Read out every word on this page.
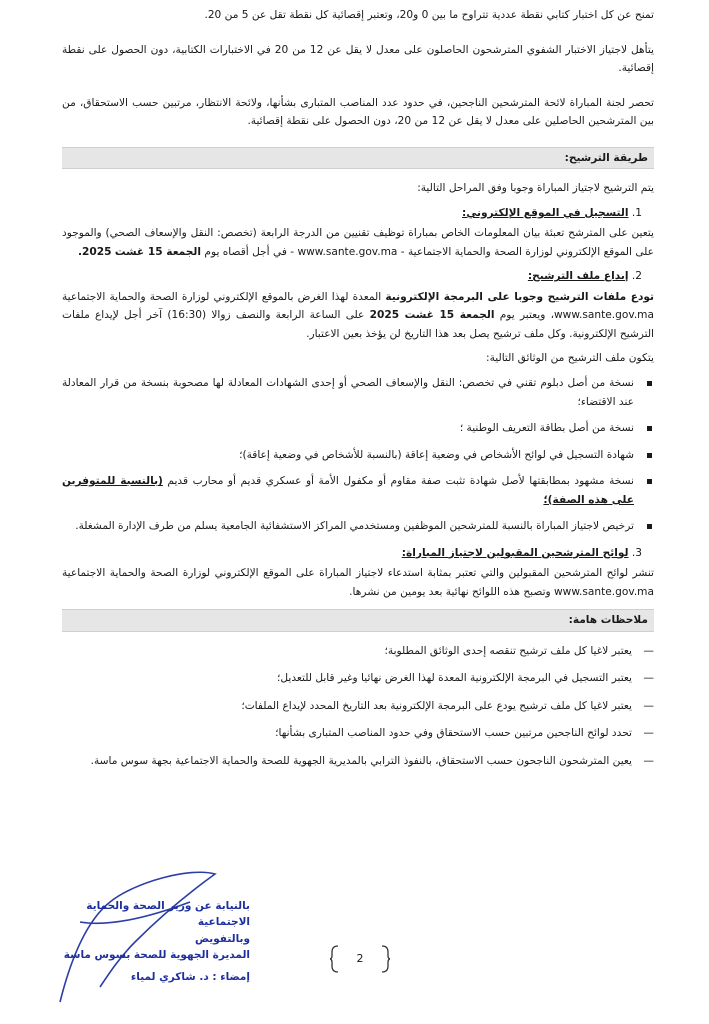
تمنح عن كل اختبار كتابي نقطة عددية تتراوح ما بين 0 و20، وتعتبر إقصائية كل نقطة تقل عن 5 من 20.

يتأهل لاجتياز الاختبار الشفوي المترشحون الحاصلون على معدل لا يقل عن 12 من 20 في الاختبارات الكتابية، دون الحصول على نقطة إقصائية.

تحصر لجنة المباراة لائحة المترشحين الناجحين، في حدود عدد المناصب المتبارى بشأنها، ولائحة الانتظار، مرتبين حسب الاستحقاق، من بين المترشحين الحاصلين على معدل لا يقل عن 12 من 20، دون الحصول على نقطة إقصائية.

طريقة الترشيح:

يتم الترشيح لاجتياز المباراة وجوبا وفق المراحل التالية:

1. التسجيل في الموقع الإلكتروني:

يتعين على المترشح تعبئة بيان المعلومات الخاص بمباراة توظيف تقنيين من الدرجة الرابعة (تخصص: النقل والإسعاف الصحي) والموجود على الموقع الإلكتروني لوزارة الصحة والحماية الاجتماعية - www.sante.gov.ma - في أجل أقصاه يوم الجمعة 15 غشت 2025.

2. إيداع ملف الترشيح:

تودع ملفات الترشيح وجوبا على البرمجة الإلكترونية المعدة لهذا الغرض بالموقع الإلكتروني لوزارة الصحة والحماية الاجتماعية www.sante.gov.ma، ويعتبر يوم الجمعة 15 غشت 2025 على الساعة الرابعة والنصف زوالا (16:30) آخر أجل لإيداع ملفات الترشيح الإلكترونية. وكل ملف ترشيح يصل بعد هذا التاريخ لن يؤخذ بعين الاعتبار.

يتكون ملف الترشيح من الوثائق التالية:

نسخة من أصل دبلوم تقني في تخصص: النقل والإسعاف الصحي أو إحدى الشهادات المعادلة لها مصحوبة بنسخة من قرار المعادلة عند الاقتضاء؛
نسخة من أصل بطاقة التعريف الوطنية ؛
شهادة التسجيل في لوائح الأشخاص في وضعية إعاقة (بالنسبة للأشخاص في وضعية إعاقة)؛
نسخة مشهود بمطابقتها لأصل شهادة تثبت صفة مقاوم أو مكفول الأمة أو عسكري قديم أو محارب قديم (بالنسبة للمتوفرين على هذه الصفة)؛
ترخيص لاجتياز المباراة بالنسبة للمترشحين الموظفين ومستخدمي المراكز الاستشفائية الجامعية يسلم من طرف الإدارة المشغلة.
3. لوائح المترشحين المقبولين لاجتياز المباراة:

تنشر لوائح المترشحين المقبولين والتي تعتبر بمثابة استدعاء لاجتياز المباراة على الموقع الإلكتروني لوزارة الصحة والحماية الاجتماعية www.sante.gov.ma وتصبح هذه اللوائح نهائية بعد يومين من نشرها.

ملاحظات هامة:
— يعتبر لاغيا كل ملف ترشيح تنقصه إحدى الوثائق المطلوبة؛
— يعتبر التسجيل في البرمجة الإلكترونية المعدة لهذا الغرض نهائيا وغير قابل للتعديل؛
— يعتبر لاغيا كل ملف ترشيح يودع على البرمجة الإلكترونية بعد التاريخ المحدد لإيداع الملفات؛
— تحدد لوائح الناجحين مرتبين حسب الاستحقاق وفي حدود المناصب المتبارى بشأنها؛
— يعين المترشحون الناجحون حسب الاستحقاق، بالنفوذ الترابي بالمديرية الجهوية للصحة والحماية الاجتماعية بجهة سوس ماسة.
بالنيابة عن وزير الصحة والحماية الاجتماعية
وبالتفويض
المديرة الجهوية للصحة بسوس ماسة
إمضاء : د. شاكري لمياء
2
